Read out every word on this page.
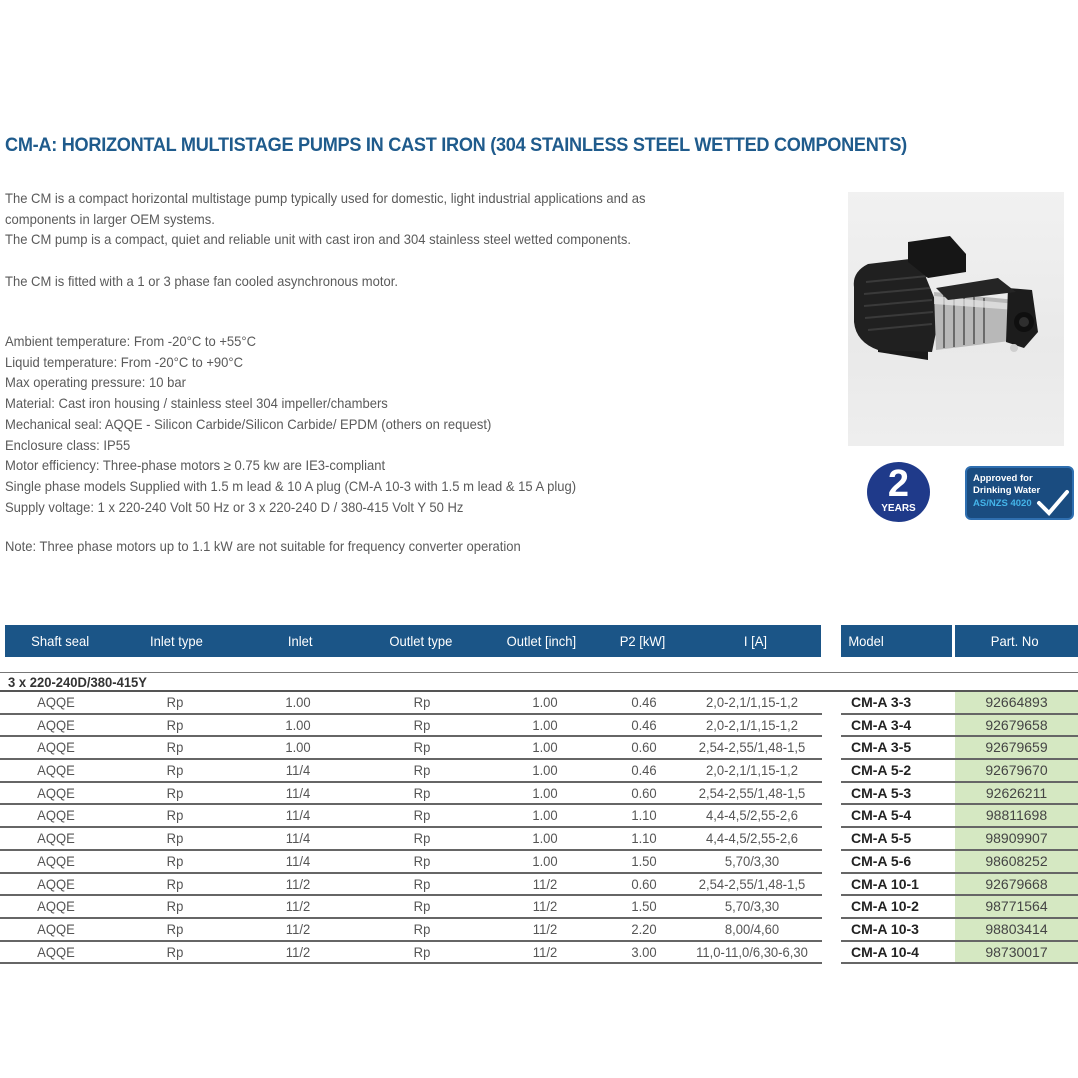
CM-A: HORIZONTAL MULTISTAGE PUMPS IN CAST IRON (304 STAINLESS STEEL WETTED COMPONENTS)

The CM is a compact horizontal multistage pump typically used for domestic, light industrial applications and as

components in larger OEM systems.

The CM pump is a compact, quiet and reliable unit with cast iron and 304 stainless steel wetted components.

The CM is fitted with a 1 or 3 phase fan cooled asynchronous motor.

Ambient temperature: From -20°C to +55°C

Liquid temperature: From -20°C to +90°C

Max operating pressure: 10 bar

Material: Cast iron housing / stainless steel 304 impeller/chambers

Mechanical seal: AQQE - Silicon Carbide/Silicon Carbide/ EPDM (others on request)

Enclosure class: IP55

Motor efficiency: Three-phase motors ≥ 0.75 kw are IE3-compliant

Single phase models Supplied with 1.5 m lead & 10 A plug (CM-A 10-3 with 1.5 m lead & 15 A plug)

Supply voltage: 1 x 220-240 Volt 50 Hz or 3 x 220-240 D / 380-415 Volt Y 50 Hz

Note: Three phase motors up to 1.1 kW are not suitable for frequency converter operation
2
YEARS
Approved for
Drinking Water
AS/NZS 4020
Shaft seal	Inlet type	Inlet	Outlet type	Outlet [inch]	P2 [kW]	I [A]	Model	Part. No
3 x 220-240D/380-415Y
AQQE	Rp	1.00	Rp	1.00	0.46	2,0-2,1/1,15-1,2	CM-A 3-3	92664893
AQQE	Rp	1.00	Rp	1.00	0.46	2,0-2,1/1,15-1,2	CM-A 3-4	92679658
AQQE	Rp	1.00	Rp	1.00	0.60	2,54-2,55/1,48-1,5	CM-A 3-5	92679659
AQQE	Rp	11/4	Rp	1.00	0.46	2,0-2,1/1,15-1,2	CM-A 5-2	92679670
AQQE	Rp	11/4	Rp	1.00	0.60	2,54-2,55/1,48-1,5	CM-A 5-3	92626211
AQQE	Rp	11/4	Rp	1.00	1.10	4,4-4,5/2,55-2,6	CM-A 5-4	98811698
AQQE	Rp	11/4	Rp	1.00	1.10	4,4-4,5/2,55-2,6	CM-A 5-5	98909907
AQQE	Rp	11/4	Rp	1.00	1.50	5,70/3,30	CM-A 5-6	98608252
AQQE	Rp	11/2	Rp	11/2	0.60	2,54-2,55/1,48-1,5	CM-A 10-1	92679668
AQQE	Rp	11/2	Rp	11/2	1.50	5,70/3,30	CM-A 10-2	98771564
AQQE	Rp	11/2	Rp	11/2	2.20	8,00/4,60	CM-A 10-3	98803414
AQQE	Rp	11/2	Rp	11/2	3.00	11,0-11,0/6,30-6,30	CM-A 10-4	98730017
